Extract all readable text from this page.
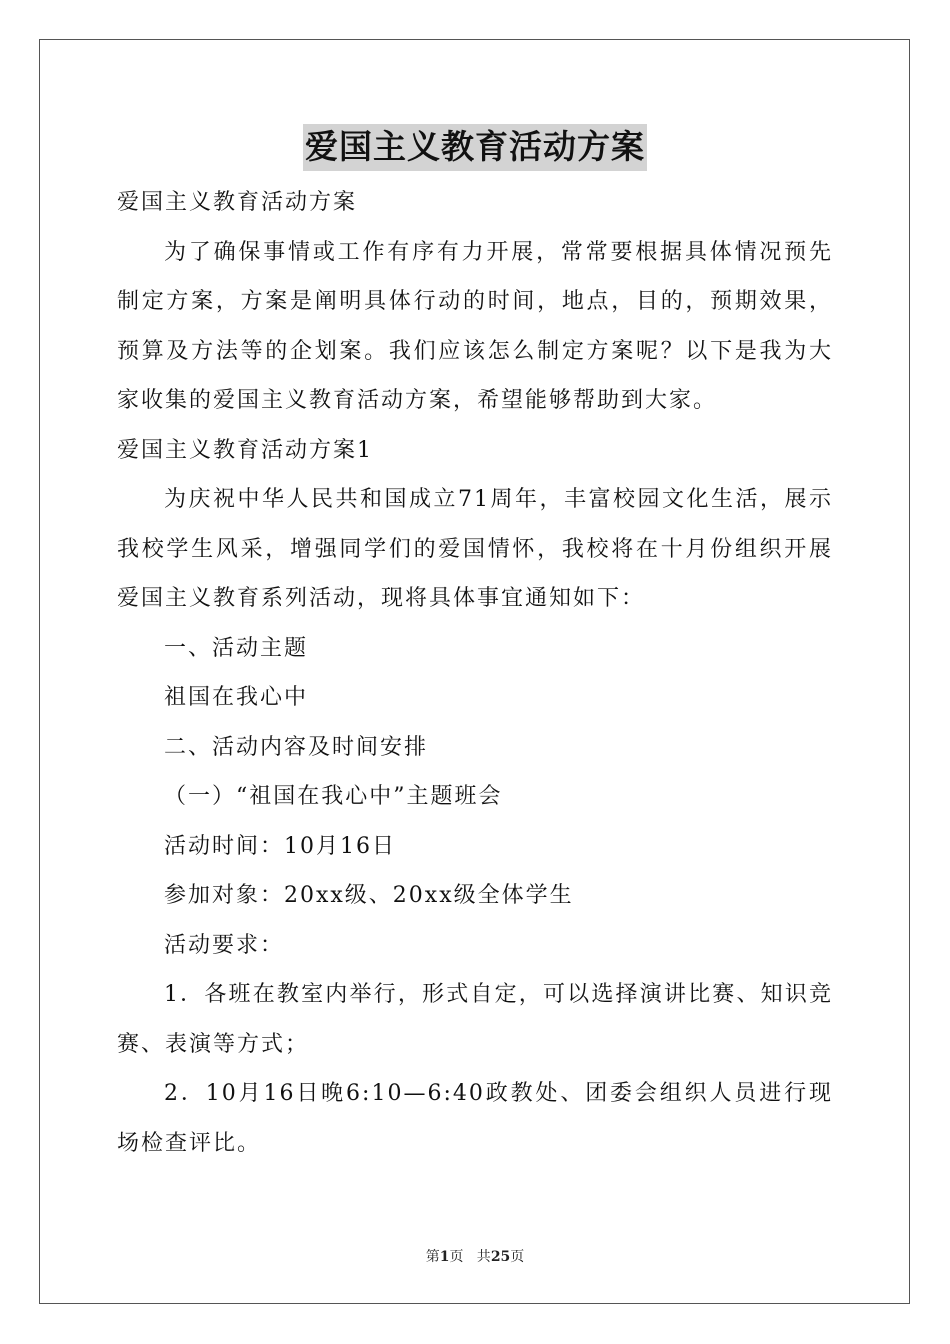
爱国主义教育活动方案

爱国主义教育活动方案

为了确保事情或工作有序有力开展，常常要根据具体情况预先制定方案，方案是阐明具体行动的时间，地点，目的，预期效果，预算及方法等的企划案。我们应该怎么制定方案呢？以下是我为大家收集的爱国主义教育活动方案，希望能够帮助到大家。

爱国主义教育活动方案1

为庆祝中华人民共和国成立71周年，丰富校园文化生活，展示我校学生风采，增强同学们的爱国情怀，我校将在十月份组织开展爱国主义教育系列活动，现将具体事宜通知如下：

一、活动主题

祖国在我心中

二、活动内容及时间安排

（一）“祖国在我心中”主题班会

活动时间：10月16日

参加对象：20xx级、20xx级全体学生

活动要求：

1．各班在教室内举行，形式自定，可以选择演讲比赛、知识竞赛、表演等方式；

2．10月16日晚6:10—6:40政教处、团委会组织人员进行现场检查评比。

第1页   共25页
